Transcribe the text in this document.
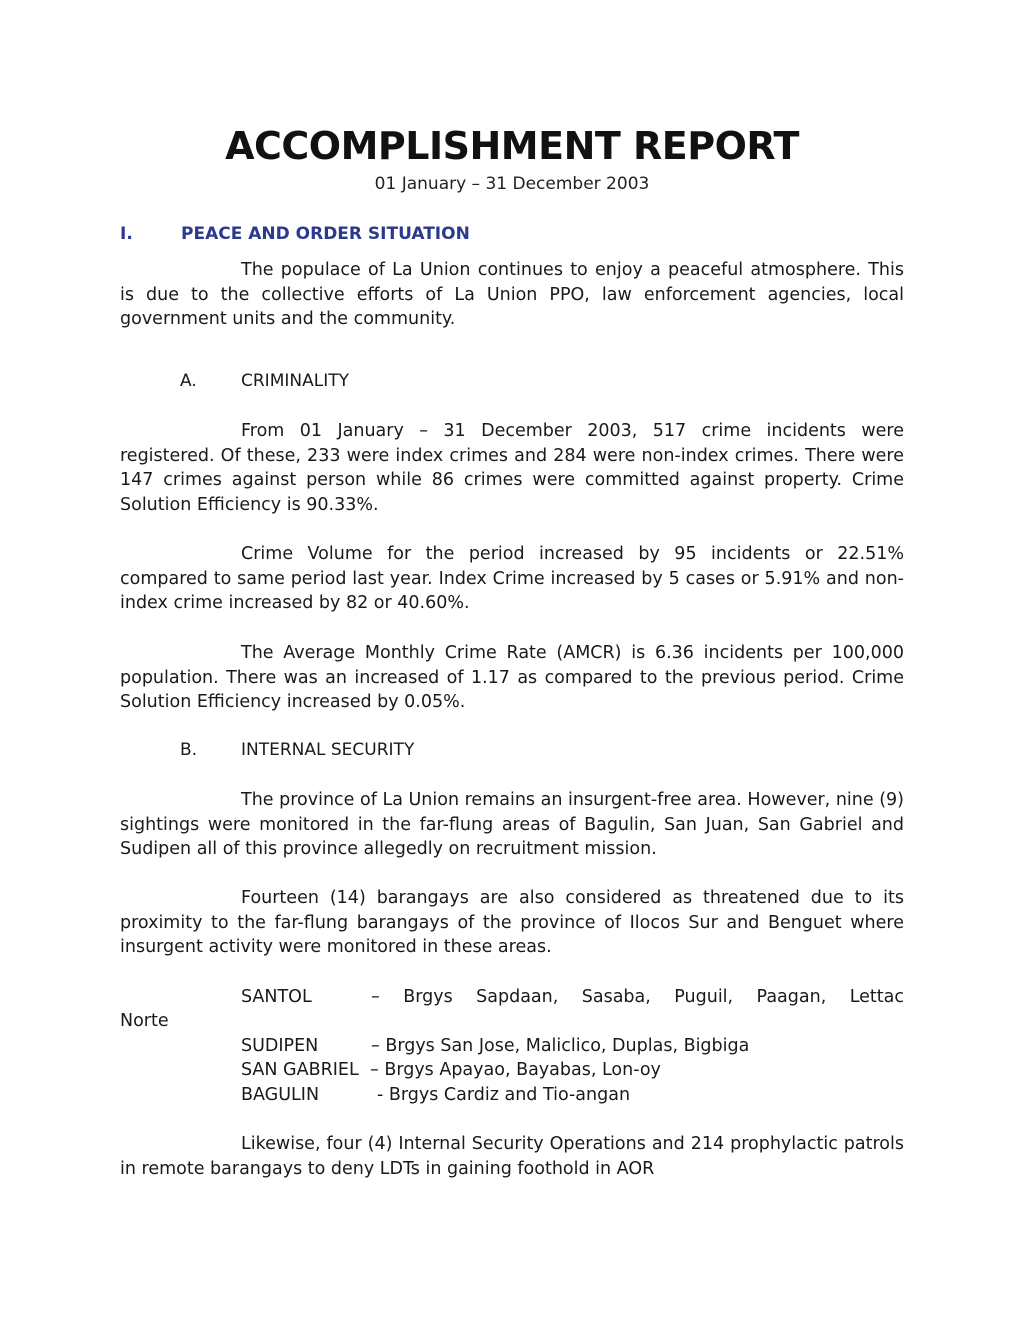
ACCOMPLISHMENT REPORT
01 January – 31 December 2003
I.	PEACE AND ORDER SITUATION

The populace of La Union continues to enjoy a peaceful atmosphere. This is due to the collective efforts of La Union PPO, law enforcement agencies, local government units and the community.

A.	CRIMINALITY

From 01 January – 31 December 2003, 517 crime incidents were registered. Of these, 233 were index crimes and 284 were non-index crimes. There were 147 crimes against person while 86 crimes were committed against property. Crime Solution Efficiency is 90.33%.

Crime Volume for the period increased by 95 incidents or 22.51% compared to same period last year. Index Crime increased by 5 cases or 5.91% and non-index crime increased by 82 or 40.60%.

The Average Monthly Crime Rate (AMCR) is 6.36 incidents per 100,000 population. There was an increased of 1.17 as compared to the previous period. Crime Solution Efficiency increased by 0.05%.

B.	INTERNAL SECURITY

The province of La Union remains an insurgent-free area. However, nine (9) sightings were monitored in the far-flung areas of Bagulin, San Juan, San Gabriel and Sudipen all of this province allegedly on recruitment mission.

Fourteen (14) barangays are also considered as threatened due to its proximity to the far-flung barangays of the province of Ilocos Sur and Benguet where insurgent activity were monitored in these areas.

SANTOL	– Brgys Sapdaan, Sasaba, Puguil, Paagan, Lettac
Norte
SUDIPEN	– Brgys San Jose, Maliclico, Duplas, Bigbiga
SAN GABRIEL – Brgys Apayao, Bayabas, Lon-oy
BAGULIN	- Brgys Cardiz and Tio-angan

Likewise, four (4) Internal Security Operations and 214 prophylactic patrols in remote barangays to deny LDTs in gaining foothold in AOR
